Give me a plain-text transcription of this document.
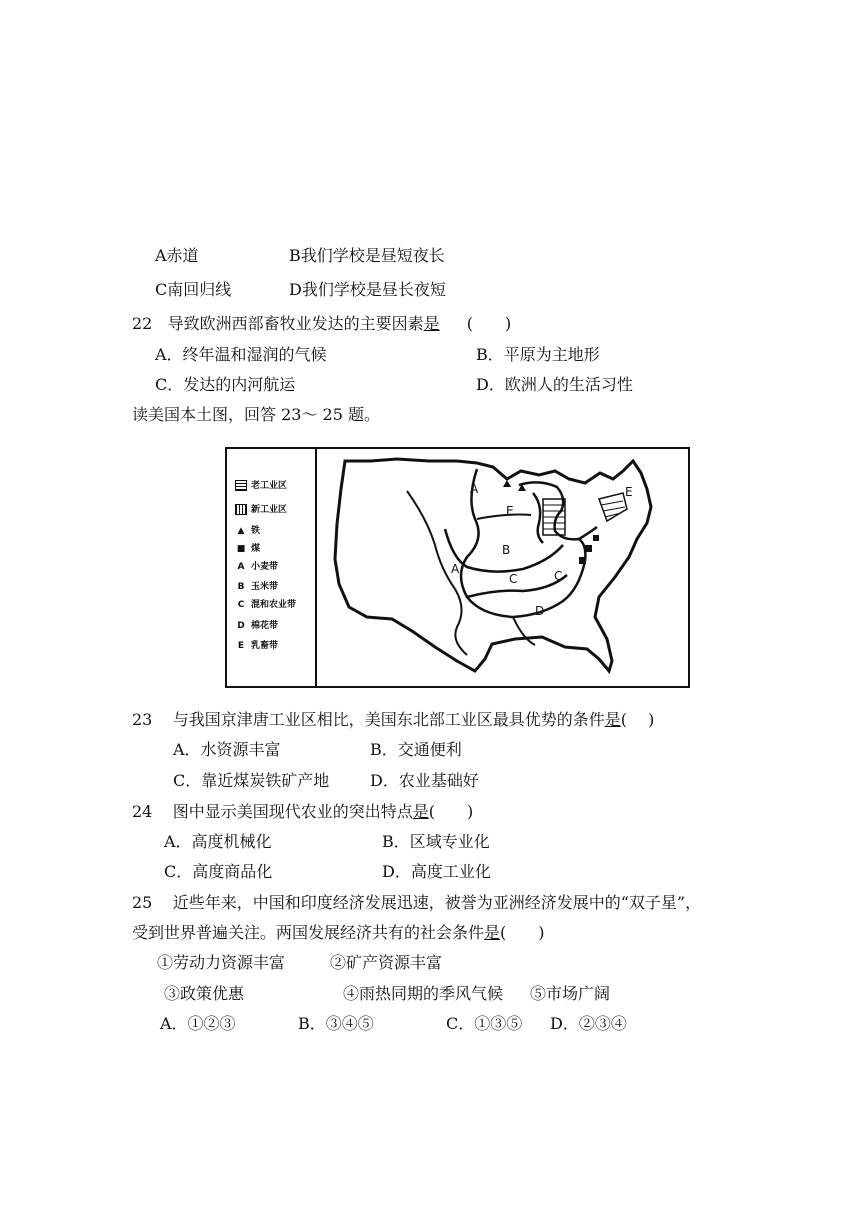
A赤道	B我们学校是昼短夜长
C南回归线	D我们学校是昼长夜短
22 导致欧洲西部畜牧业发达的主要因素是 (　　)
A．终年温和湿润的气候	B．平原为主地形
C．发达的内河航运	D．欧洲人的生活习性
读美国本土图，回答 23～ 25 题。
老工业区
新工业区
▲ 铁
■ 煤
A 小麦带
B 玉米带
C 混和农业带
D 棉花带
E 乳畜带
A	E
E
B
A
C	C
D
23 与我国京津唐工业区相比，美国东北部工业区最具优势的条件是(　 )
A．水资源丰富	B．交通便利
C．靠近煤炭铁矿产地	D．农业基础好
24 图中显示美国现代农业的突出特点是(　　)
A．高度机械化	B．区域专业化
C．高度商品化	D．高度工业化
25 近些年来，中国和印度经济发展迅速，被誉为亚洲经济发展中的“双子星”，
受到世界普遍关注。两国发展经济共有的社会条件是(　　)
①劳动力资源丰富	②矿产资源丰富
③政策优惠	④雨热同期的季风气候 ⑤市场广阔
A．①②③	B．③④⑤	C．①③⑤ D．②③④
